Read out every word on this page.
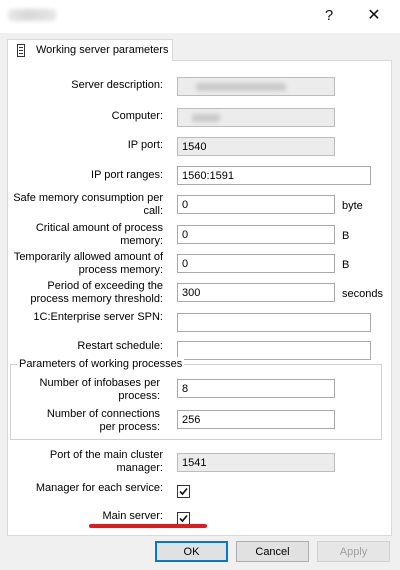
?	✕
Working server parameters
Server description:
Computer:
IP port:	1540
IP port ranges:	1560:1591
Safe memory consumption per
call:	0	byte
Critical amount of process
memory:	0	B
Temporarily allowed amount of
process memory:	0	B
Period of exceeding the
process memory threshold:	300	seconds
1C:Enterprise server SPN:
Restart schedule:
Parameters of working processes
Number of infobases per
process:
8
Number of connections
per process:
256
Port of the main cluster
manager:	1541
Manager for each service:
Main server:
OK	Cancel	Apply
